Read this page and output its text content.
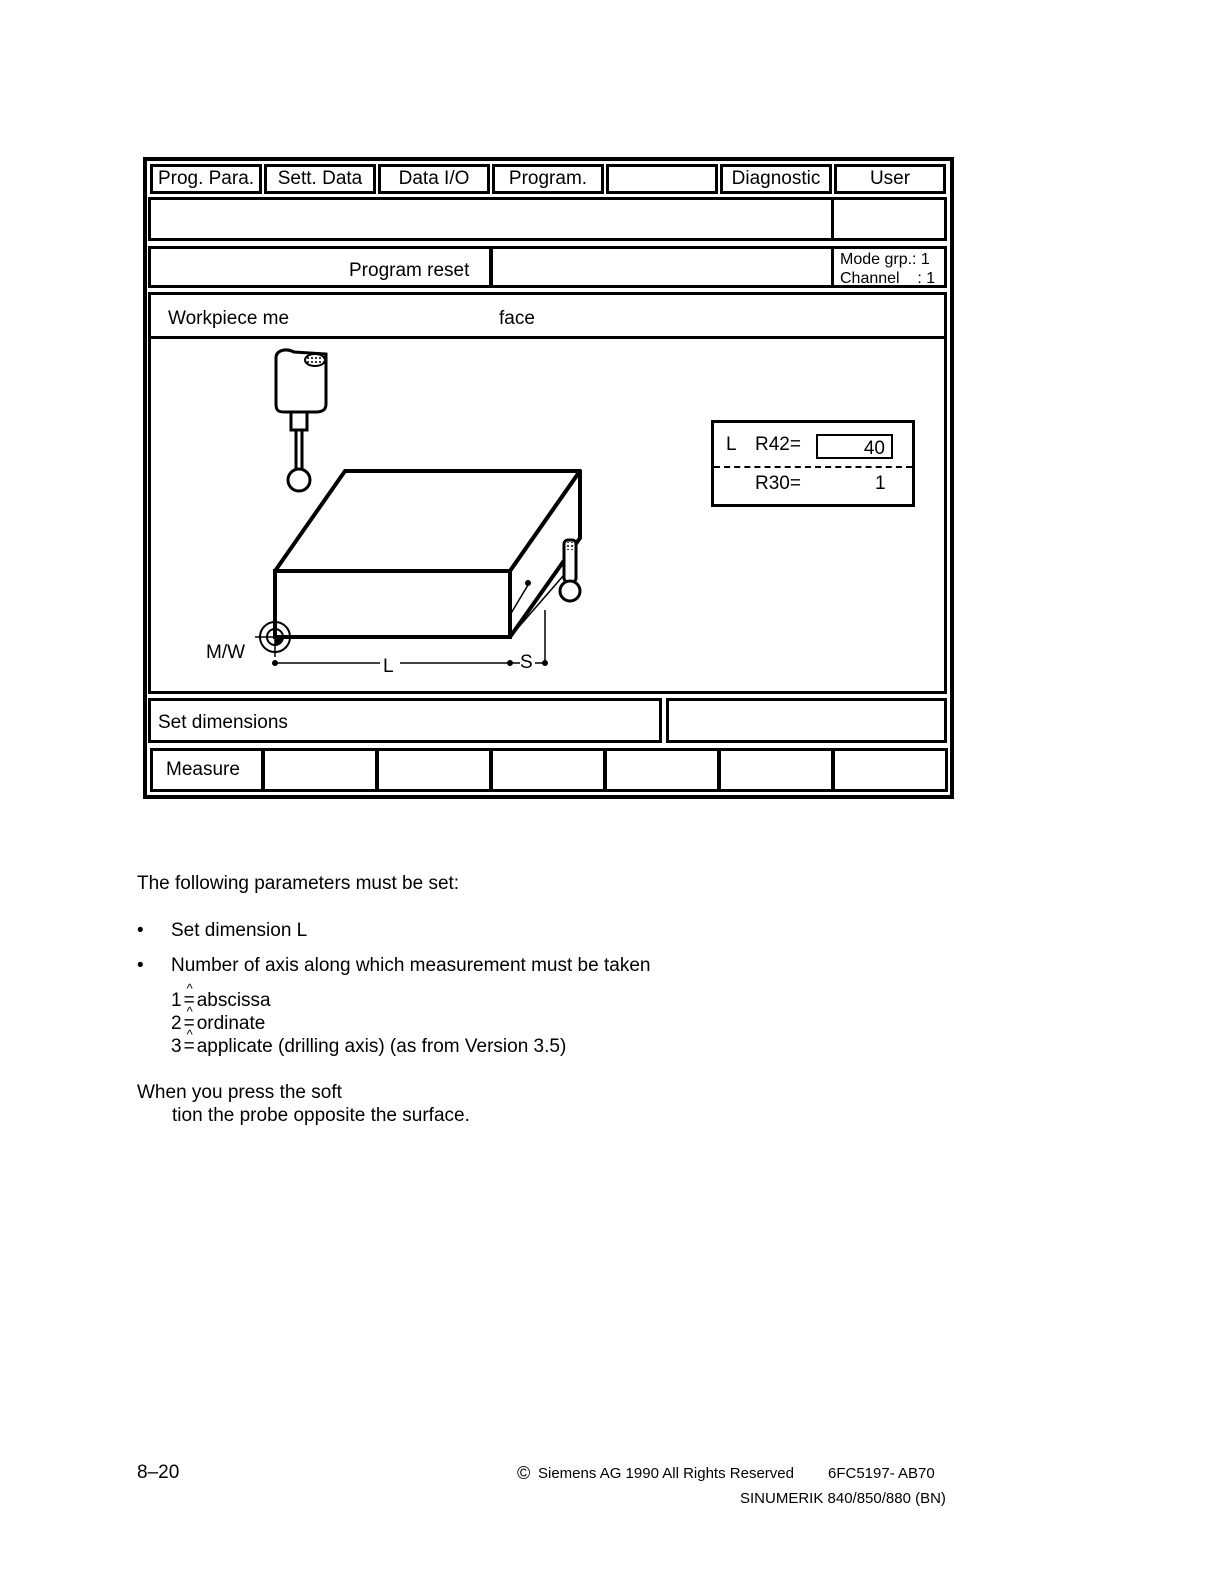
Prog. Para.	Sett. Data	Data I/O	Program.	Diagnostic	User
Program reset
Mode grp.: 1
Channel    : 1
Workpiece me	face
M/W
L	S
L R42=	40
R30=	1
Set dimensions
Measure
The following parameters must be set:
• Set dimension L
• Number of axis along which measurement must be taken
1 ^ = abscissa
2 ^ = ordinate
3 ^ = applicate (drilling axis) (as from Version 3.5)
When you press the soft
tion the probe opposite the surface.
8–20	© Siemens AG 1990 All Rights Reserved 6FC5197- AB70
SINUMERIK 840/850/880 (BN)
